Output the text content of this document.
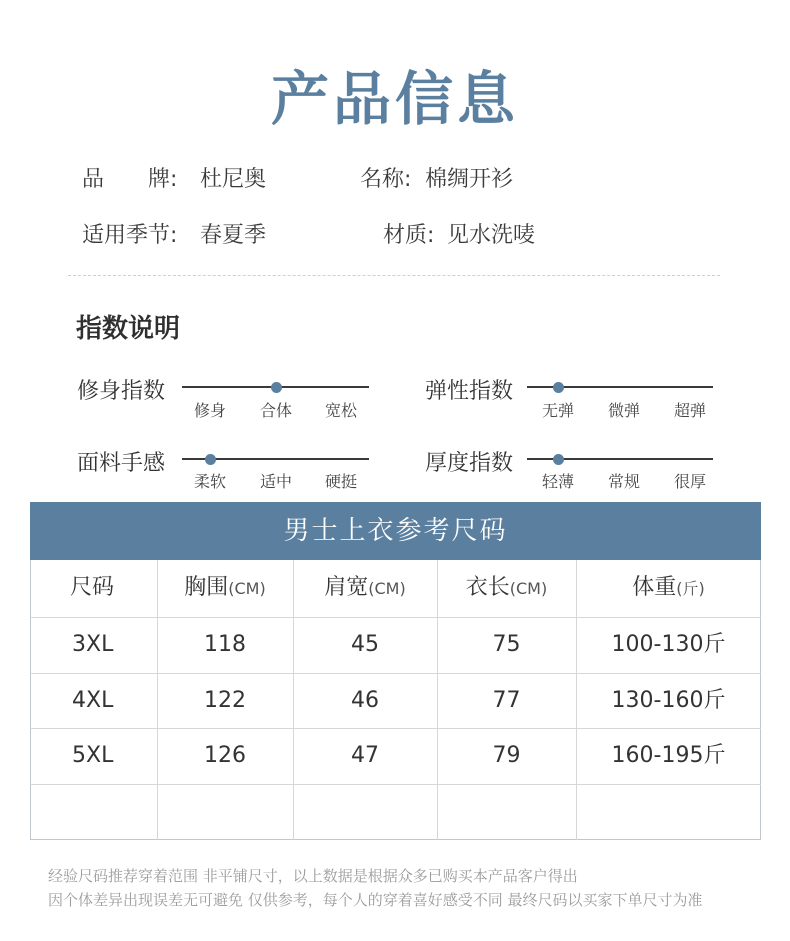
产品信息
品　　牌: 杜尼奥	名称: 棉绸开衫
适用季节: 春夏季	材质: 见水洗唛
指数说明
修身指数
修身	合体	宽松
弹性指数
无弹	微弹	超弹
面料手感
柔软	适中	硬挺
厚度指数
轻薄	常规	很厚
男士上衣参考尺码
尺码	胸围(CM)	肩宽(CM)	衣长(CM)	体重(斤)
3XL	118	45	75	100-130斤
4XL	122	46	77	130-160斤
5XL	126	47	79	160-195斤
经验尺码推荐穿着范围 非平铺尺寸，以上数据是根据众多已购买本产品客户得出
因个体差异出现误差无可避免 仅供参考，每个人的穿着喜好感受不同 最终尺码以买家下单尺寸为准
